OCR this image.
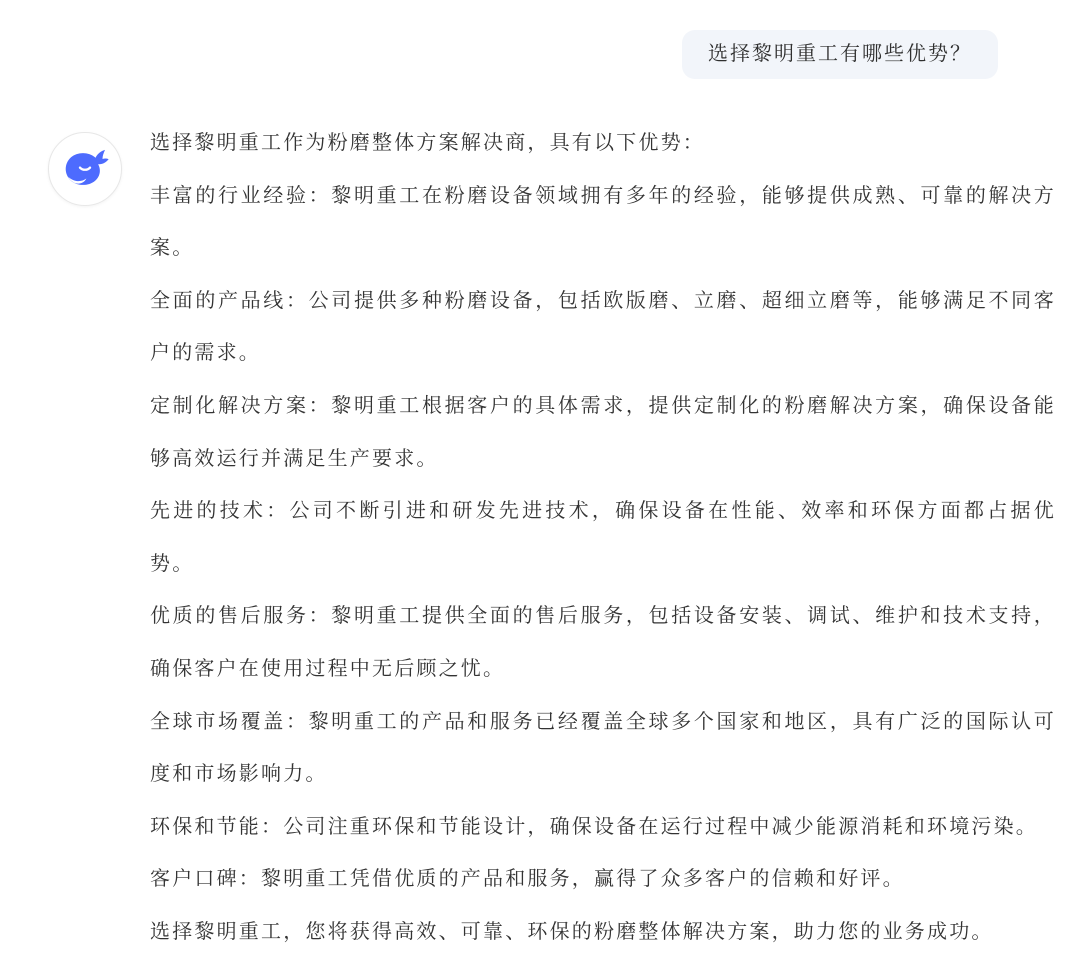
选择黎明重工有哪些优势？

选择黎明重工作为粉磨整体方案解决商，具有以下优势：

丰富的行业经验：黎明重工在粉磨设备领域拥有多年的经验，能够提供成熟、可靠的解决方案。

全面的产品线：公司提供多种粉磨设备，包括欧版磨、立磨、超细立磨等，能够满足不同客户的需求。

定制化解决方案：黎明重工根据客户的具体需求，提供定制化的粉磨解决方案，确保设备能够高效运行并满足生产要求。

先进的技术：公司不断引进和研发先进技术，确保设备在性能、效率和环保方面都占据优势。

优质的售后服务：黎明重工提供全面的售后服务，包括设备安装、调试、维护和技术支持，确保客户在使用过程中无后顾之忧。

全球市场覆盖：黎明重工的产品和服务已经覆盖全球多个国家和地区，具有广泛的国际认可度和市场影响力。

环保和节能：公司注重环保和节能设计，确保设备在运行过程中减少能源消耗和环境污染。

客户口碑：黎明重工凭借优质的产品和服务，赢得了众多客户的信赖和好评。

选择黎明重工，您将获得高效、可靠、环保的粉磨整体解决方案，助力您的业务成功。
